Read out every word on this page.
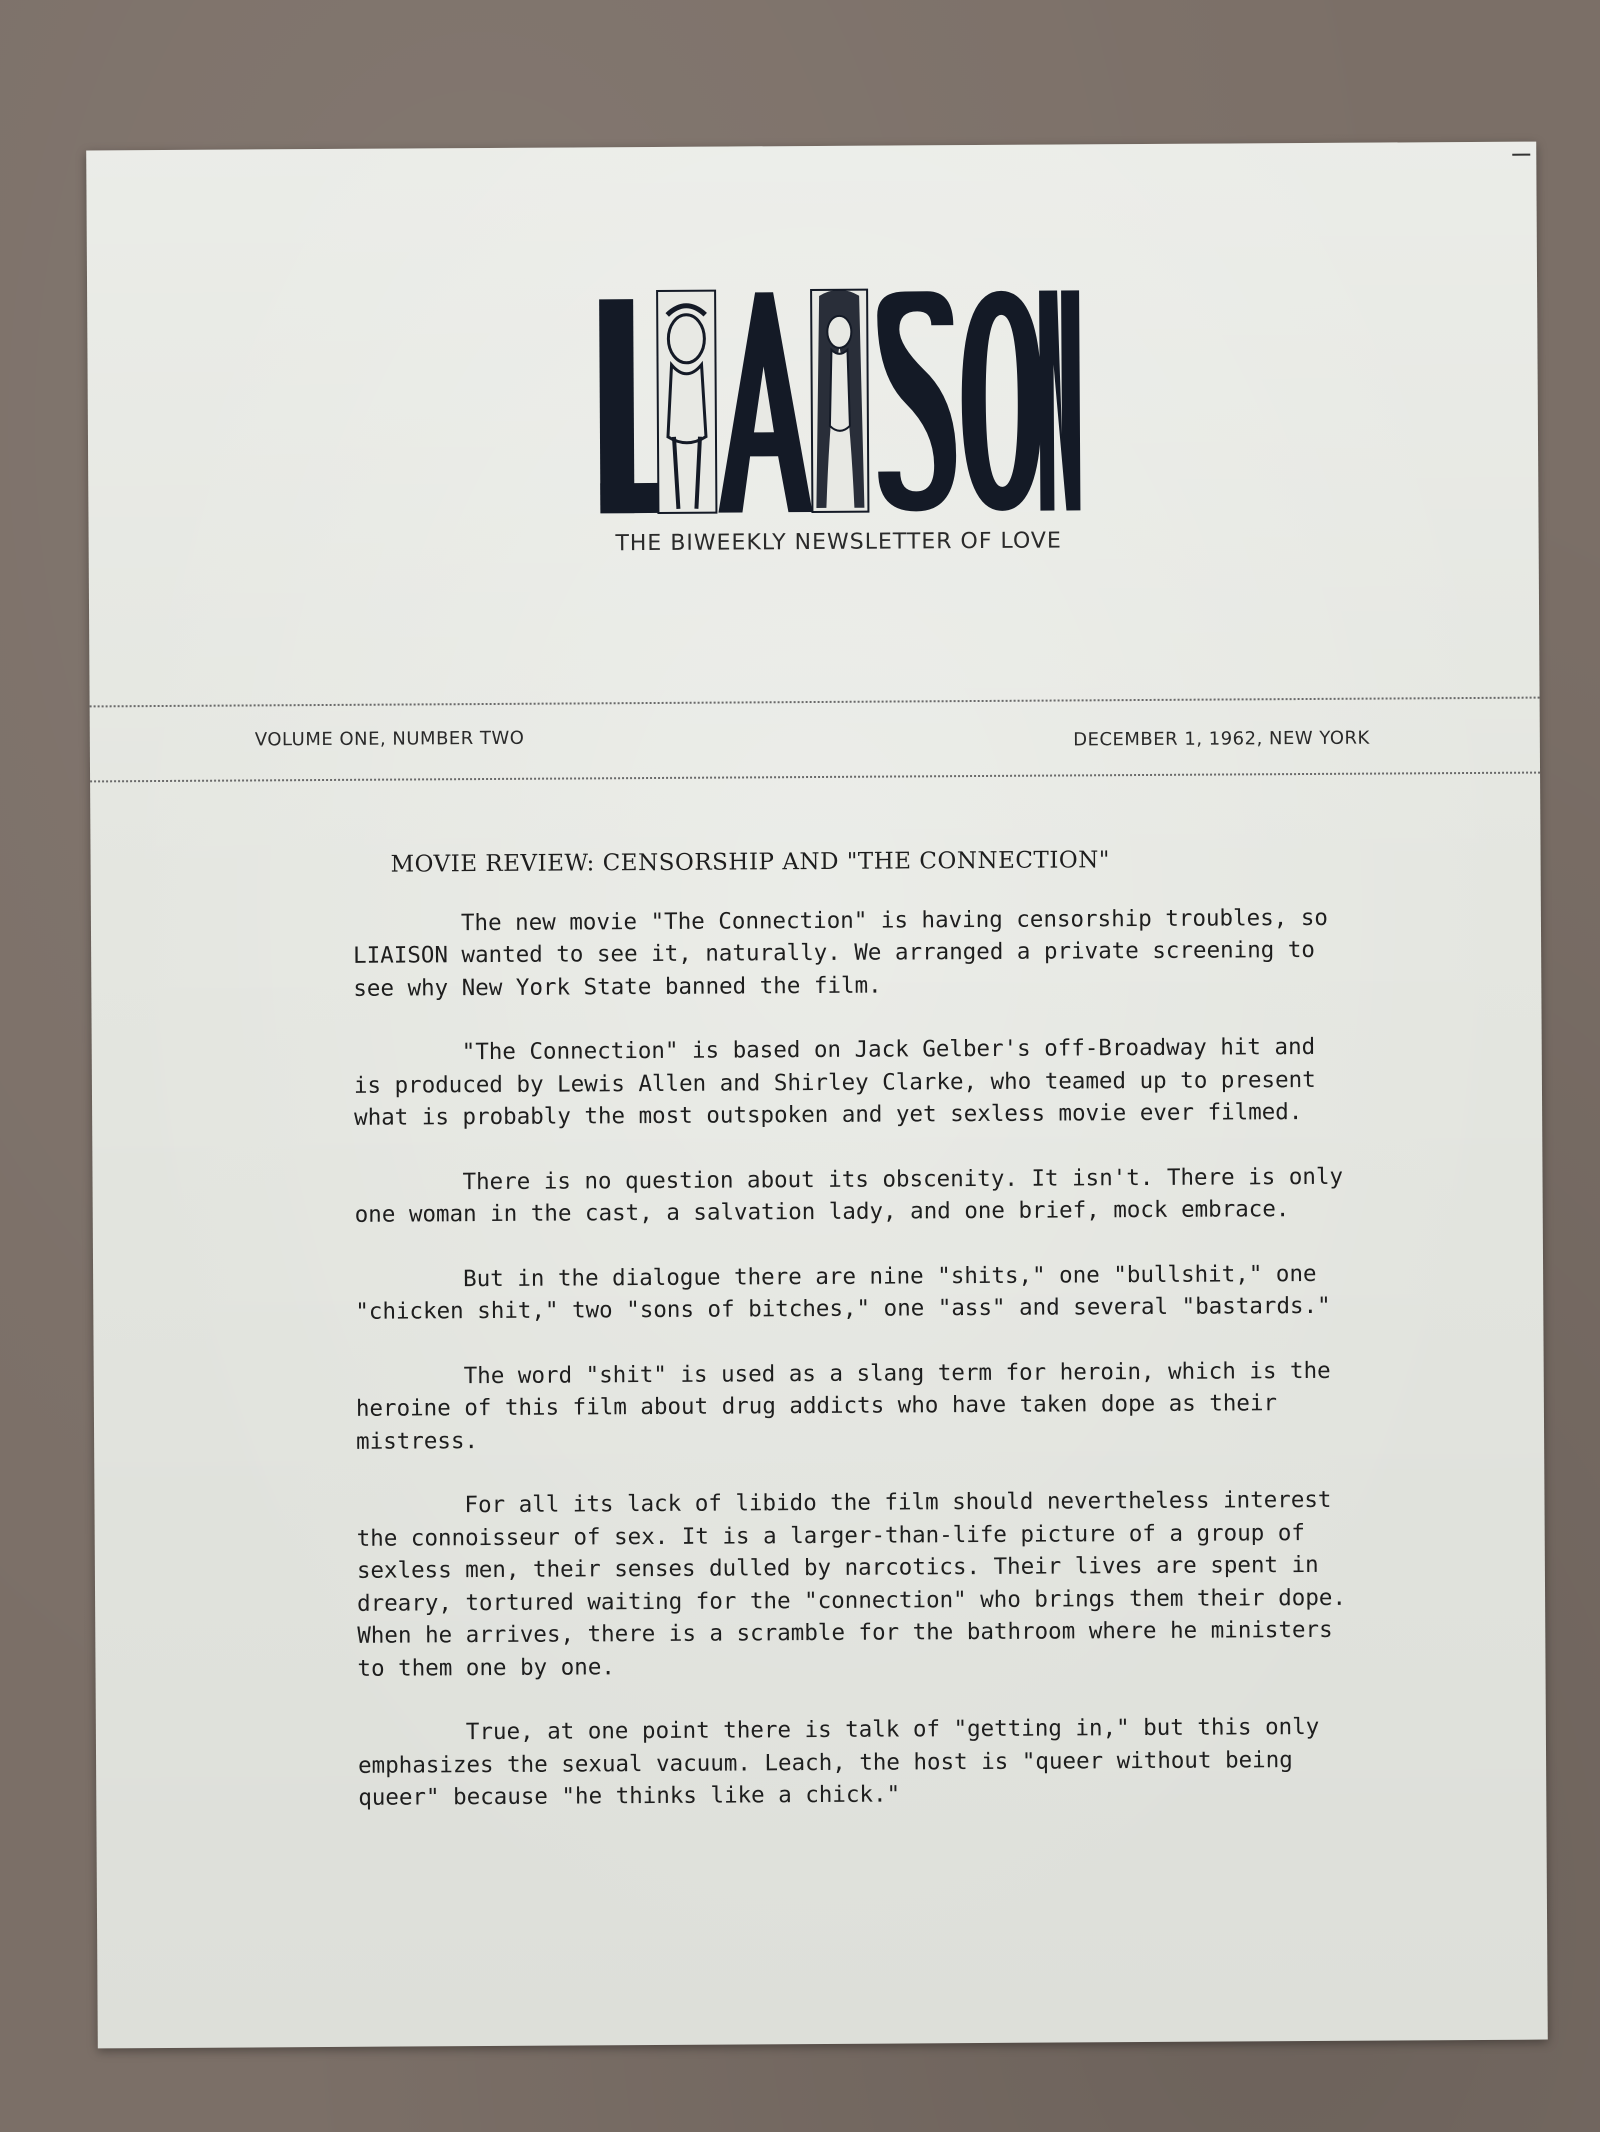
THE BIWEEKLY NEWSLETTER OF LOVE
VOLUME ONE, NUMBER TWO	DECEMBER 1, 1962, NEW YORK
MOVIE REVIEW: CENSORSHIP AND "THE CONNECTION"

The new movie "The Connection" is having censorship troubles, so LIAISON wanted to see it, naturally. We arranged a private screening to see why New York State banned the film.

"The Connection" is based on Jack Gelber's off-Broadway hit and is produced by Lewis Allen and Shirley Clarke, who teamed up to present what is probably the most outspoken and yet sexless movie ever filmed.

There is no question about its obscenity. It isn't. There is only one woman in the cast, a salvation lady, and one brief, mock embrace.

But in the dialogue there are nine "shits," one "bullshit," one "chicken shit," two "sons of bitches," one "ass" and several "bastards."

The word "shit" is used as a slang term for heroin, which is the heroine of this film about drug addicts who have taken dope as their mistress.

For all its lack of libido the film should nevertheless interest the connoisseur of sex. It is a larger-than-life picture of a group of sexless men, their senses dulled by narcotics. Their lives are spent in dreary, tortured waiting for the "connection" who brings them their dope. When he arrives, there is a scramble for the bathroom where he ministers to them one by one.

True, at one point there is talk of "getting in," but this only emphasizes the sexual vacuum. Leach, the host is "queer without being queer" because "he thinks like a chick."
